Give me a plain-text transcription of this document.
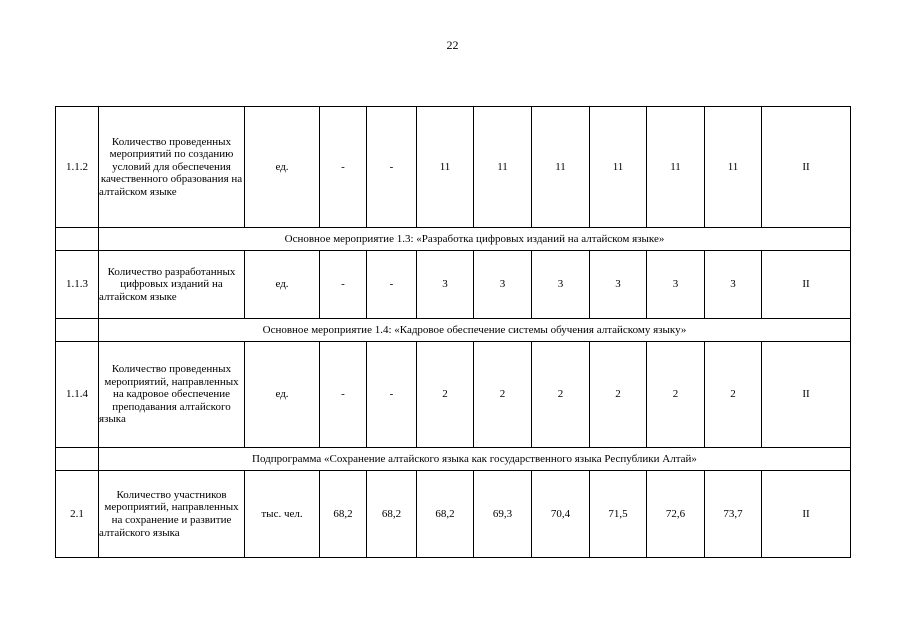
22
1.1.2	Количество проведенных мероприятий по созданию условий для обеспечения качественного образования на алтайском языке	ед.	-	-	11	11	11	11	11	11	II
	Основное мероприятие 1.3: «Разработка цифровых изданий на алтайском языке»										
1.1.3	Количество разработанных цифровых изданий на алтайском языке	ед.	-	-	3	3	3	3	3	3	II
	Основное мероприятие 1.4: «Кадровое обеспечение системы обучения алтайскому языку»										
1.1.4	Количество проведенных мероприятий, направленных на кадровое обеспечение преподавания алтайского языка	ед.	-	-	2	2	2	2	2	2	II
	Подпрограмма «Сохранение алтайского языка как государственного языка Республики Алтай»										
2.1	Количество участников мероприятий, направленных на сохранение и развитие алтайского языка	тыс. чел.	68,2	68,2	68,2	69,3	70,4	71,5	72,6	73,7	II
